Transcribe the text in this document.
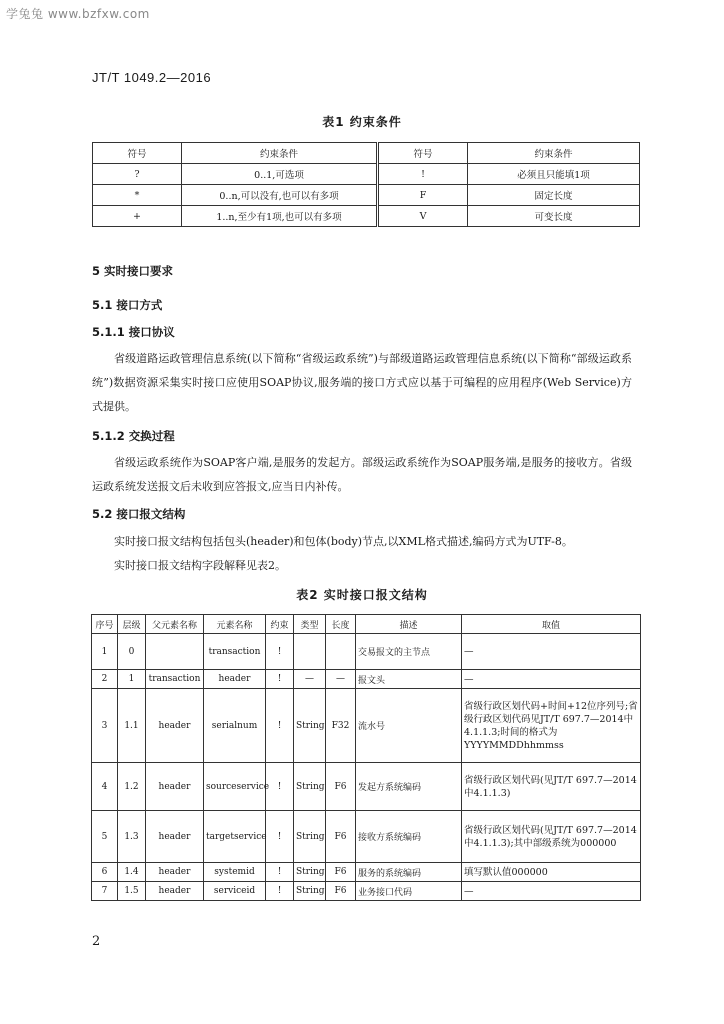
学兔兔 www.bzfxw.com
JT/T 1049.2—2016
表1 约束条件
符号	约束条件	符号	约束条件
?	0..1,可选项	!	必须且只能填1项
*	0..n,可以没有,也可以有多项	F	固定长度
+	1..n,至少有1项,也可以有多项	V	可变长度
5 实时接口要求
5.1 接口方式
5.1.1 接口协议
省级道路运政管理信息系统(以下简称“省级运政系统”)与部级道路运政管理信息系统(以下简称“部级运政系统”)数据资源采集实时接口应使用SOAP协议,服务端的接口方式应以基于可编程的应用程序(Web Service)方式提供。
5.1.2 交换过程
省级运政系统作为SOAP客户端,是服务的发起方。部级运政系统作为SOAP服务端,是服务的接收方。省级运政系统发送报文后未收到应答报文,应当日内补传。
5.2 接口报文结构
实时接口报文结构包括包头(header)和包体(body)节点,以XML格式描述,编码方式为UTF-8。
实时接口报文结构字段解释见表2。
表2 实时接口报文结构
序号	层级	父元素名称	元素名称	约束	类型	长度	描述	取值
1	0		transaction	!			交易报文的主节点	—
2	1	transaction	header	!	—	—	报文头	—
3	1.1	header	serialnum	!	String	F32	流水号	省级行政区划代码+时间+12位序列号;省级行政区划代码见JT/T 697.7—2014中4.1.1.3;时间的格式为YYYYMMDDhhmmss
4	1.2	header	sourceservice	!	String	F6	发起方系统编码	省级行政区划代码(见JT/T 697.7—2014中4.1.1.3)
5	1.3	header	targetservice	!	String	F6	接收方系统编码	省级行政区划代码(见JT/T 697.7—2014中4.1.1.3);其中部级系统为000000
6	1.4	header	systemid	!	String	F6	服务的系统编码	填写默认值000000
7	1.5	header	serviceid	!	String	F6	业务接口代码	—
2
